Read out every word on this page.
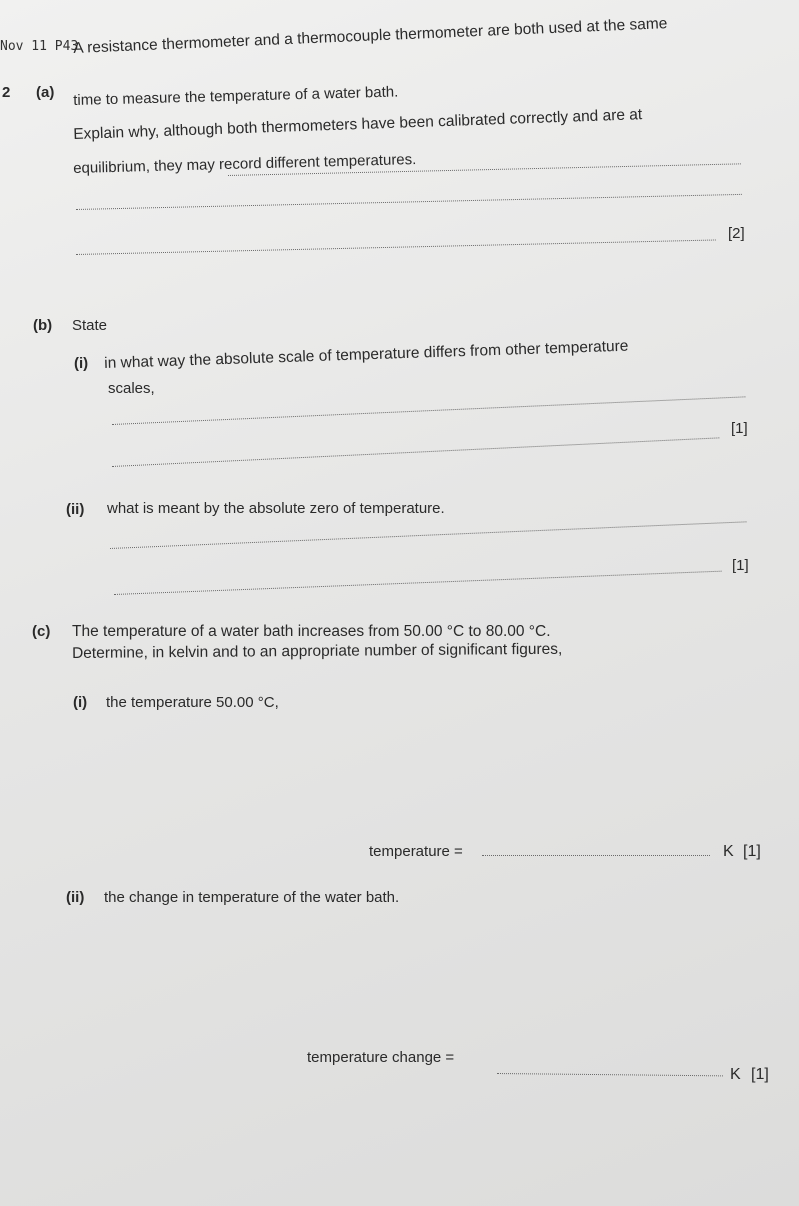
Nov 11 P43
2 (a)
A resistance thermometer and a thermocouple thermometer are both used at the same
time to measure the temperature of a water bath.
Explain why, although both thermometers have been calibrated correctly and are at
equilibrium, they may record different temperatures.
[2]
(b) State
(i) in what way the absolute scale of temperature differs from other temperature
scales,
[1]
(ii) what is meant by the absolute zero of temperature.
[1]
(c) The temperature of a water bath increases from 50.00 °C to 80.00 °C.
Determine, in kelvin and to an appropriate number of significant figures,
(i) the temperature 50.00 °C,
temperature =	K [1]
(ii) the change in temperature of the water bath.
temperature change =
K [1]
